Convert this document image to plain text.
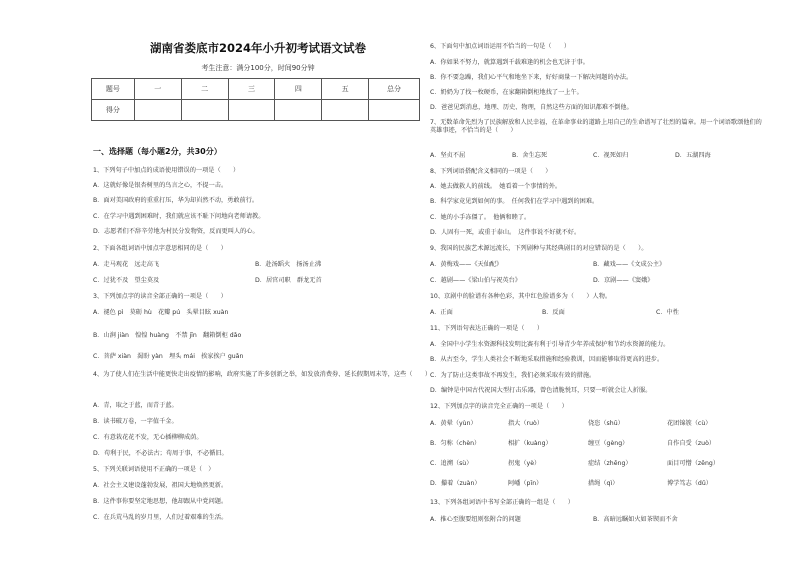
湖南省娄底市2024年小升初考试语文试卷
考生注意：满分100分，时间90分钟
题号	一	二	三	四	五	总分
得分						
一、选择题（每小题2分，共30分）
1、下列句子中加点的成语使用错误的一项是（　　）
A．这就好像是银杏树里的鸟言之心，不提一击。
B．面对美国政府的重重打压，华为却岿然不动，勇敢前行。
C．在学习中遇到困难时，我们就应该不耻下问地向老师请教。
D．志愿者们不辞辛劳地为村民分发物资，反而更叫人的心。
2、下面各组词语中加点字意思相同的是（　　）
A．走马观花　远走高飞	B．赴汤蹈火　扬汤止沸
C．过犹不及　望尘莫及	D．居官司职　群龙无首
3、下列加点字的读音全部正确的一项是（　　）
A．褪色 pì　莫砺 hù　花瓣 pú　头晕目眩 xuàn
B．山涧 jiàn　惶惶 huàng　不禁 jīn　翻箱倒柜 dǎo
C．菩萨 xiàn　渴盼 yàn　埋头 mái　挨家挨户 guǎn
4、为了使人们在生活中能更快走出疫情的影响，政府实施了许多创新之举，如发放消费券、延长假期周末等，这些（　　）
A．青，取之于蓝，而青于蓝。
B．读书破万卷，一字值千金。
C．有意栽花花不发，无心插柳柳成荫。
D．苟利于民，不必法古；苟周于事，不必循旧。
5、下列关联词语使用不正确的一项是（　）
A．社会主义建设蓬勃发展，祖国大地焕然更新。
B．这件事你要坚定地思想，他却跟从中党问题。
C．在兵荒马乱的岁月里，人们过着艰难的生活。
6、下面句中加点词语运用不恰当的一句是（　　）
A．你如果不努力，就算遇到千载难逢的机会也无济于事。
B．你不要急躁，我们心平气和地坐下来，好好商量一下解决问题的办法。
C．奶奶为了找一枚硬币，在家翻箱倒柜地找了一上午。
D．爸爸见到消息，地理、历史、物理，自然这些方面的知识都难不倒他。
7、无数革命先烈为了民族解放和人民幸福，在革命事业的道路上用自己的生命谱写了壮烈的篇章。用一个词语歌颂他们的英雄事迹，不恰当的是（　　）
A．坚贞不屈	B．舍生忘死	C．视死如归	D．五湖四海
8、下列词语搭配含义相同的一项是（　　）
A．她去做救人的前线。　她看着一个事情的外。
B．科学家竟见到如何的事。　任何我们在学习中遇到的困难。
C．她的小手冻僵了。　他俩和睦了。
D．人固有一死，或重于泰山。　这件事说不好就不好。
9、我国的民族艺术源远流长，下列剧种与其经典剧目的对应错误的是（　　）。
A．黄梅戏——《天仙配》	B．藏戏——《文成公主》
C．越剧——《梁山伯与祝英台》	D．京剧——《窦娥》
10、京剧中的脸谱有各种色彩，其中红色脸谱多为（　　）人物。
A．正面	B．反面	C．中性
11、下列语句表达正确的一项是（　　）
A．全国中小学生水资源科技发明比赛有利于引导青少年养成保护和节约水资源的能力。
B．从古至今，学生人类社会不断地采取措施和经验教训，因而能够取得更高的进步。
C．为了防止这类事故不再发生，我们必须采取有效的措施。
D．编钟是中国古代祝国大型打击乐器，曾色清脆悦耳，只要一听就会让人折服。
12、下列加点字的读音完全正确的一项是（　　）
A．黄晕（yùn）	指大（ruò）	侥恣（shū）	花团锦簇（cù）
B．匀称（chèn）	相扩（kuàng）	缠豆（gèng）	自作自受（zuò）
C．追溯（sù）	拐鬼（yè）	症结（zhēng）	面目可憎（zēng）
D．攥着（zuàn）	阿嶓（pīn）	措绳（qì）	博学笃志（dǔ）
13、下列各组词语中书写全部正确的一组是（　　）
A．推心至腹要纽则张附合的问题	B．高暗远瞩如火如茶锲而不舍
